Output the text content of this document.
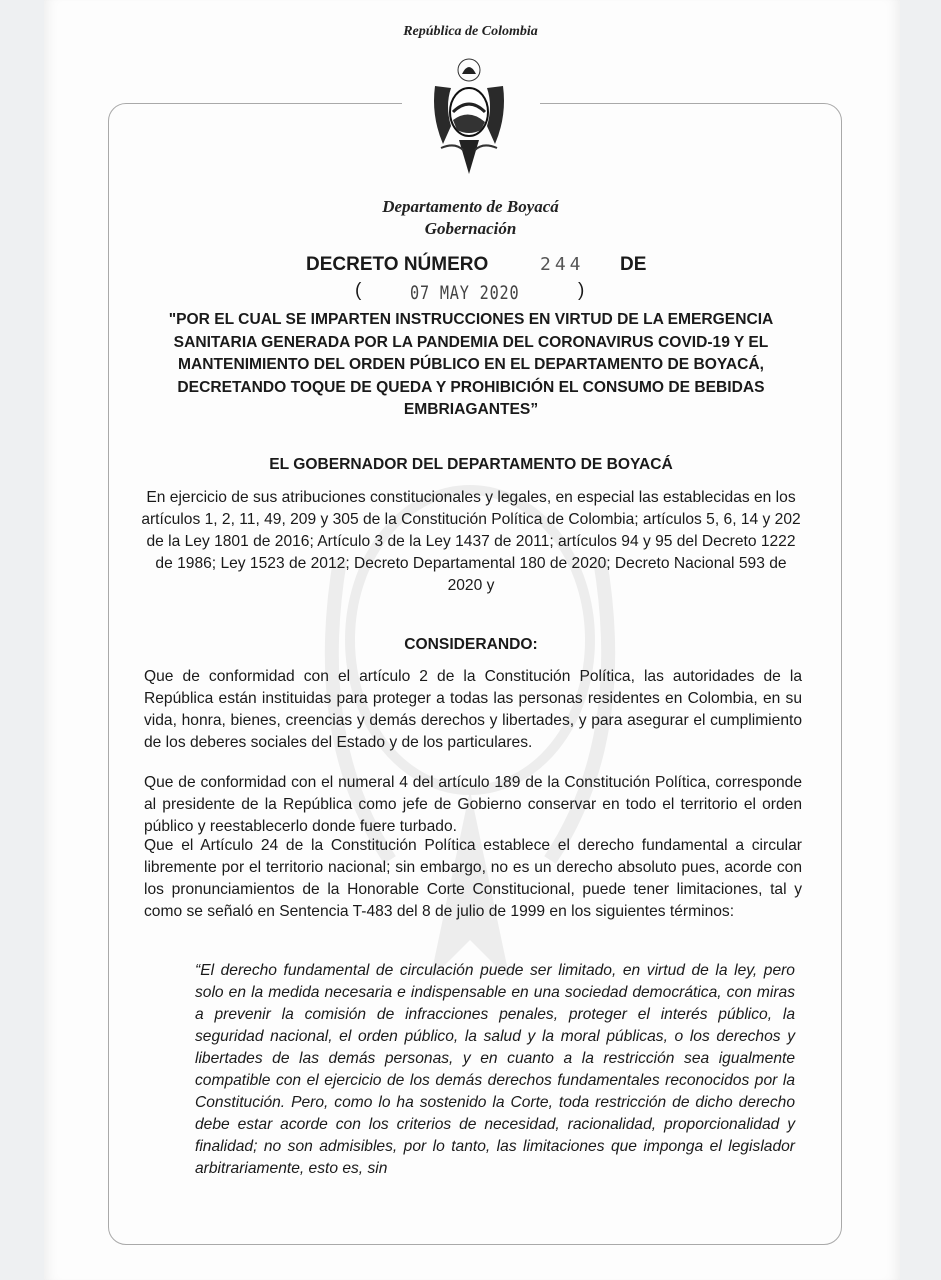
República de Colombia
Departamento de Boyacá
Gobernación
DECRETO NÚMERO	244 DE
(	07 MAY 2020	)
"POR EL CUAL SE IMPARTEN INSTRUCCIONES EN VIRTUD DE LA EMERGENCIA SANITARIA GENERADA POR LA PANDEMIA DEL CORONAVIRUS COVID-19 Y EL MANTENIMIENTO DEL ORDEN PÚBLICO EN EL DEPARTAMENTO DE BOYACÁ, DECRETANDO TOQUE DE QUEDA Y PROHIBICIÓN EL CONSUMO DE BEBIDAS EMBRIAGANTES”
EL GOBERNADOR DEL DEPARTAMENTO DE BOYACÁ
En ejercicio de sus atribuciones constitucionales y legales, en especial las establecidas en los artículos 1, 2, 11, 49, 209 y 305 de la Constitución Política de Colombia; artículos 5, 6, 14 y 202 de la Ley 1801 de 2016; Artículo 3 de la Ley 1437 de 2011; artículos 94 y 95 del Decreto 1222 de 1986; Ley 1523 de 2012; Decreto Departamental 180 de 2020; Decreto Nacional 593 de 2020 y
CONSIDERANDO:
Que de conformidad con el artículo 2 de la Constitución Política, las autoridades de la República están instituidas para proteger a todas las personas residentes en Colombia, en su vida, honra, bienes, creencias y demás derechos y libertades, y para asegurar el cumplimiento de los deberes sociales del Estado y de los particulares.
Que de conformidad con el numeral 4 del artículo 189 de la Constitución Política, corresponde al presidente de la República como jefe de Gobierno conservar en todo el territorio el orden público y reestablecerlo donde fuere turbado.
Que el Artículo 24 de la Constitución Política establece el derecho fundamental a circular libremente por el territorio nacional; sin embargo, no es un derecho absoluto pues, acorde con los pronunciamientos de la Honorable Corte Constitucional, puede tener limitaciones, tal y como se señaló en Sentencia T-483 del 8 de julio de 1999 en los siguientes términos:
“El derecho fundamental de circulación puede ser limitado, en virtud de la ley, pero solo en la medida necesaria e indispensable en una sociedad democrática, con miras a prevenir la comisión de infracciones penales, proteger el interés público, la seguridad nacional, el orden público, la salud y la moral públicas, o los derechos y libertades de las demás personas, y en cuanto a la restricción sea igualmente compatible con el ejercicio de los demás derechos fundamentales reconocidos por la Constitución. Pero, como lo ha sostenido la Corte, toda restricción de dicho derecho debe estar acorde con los criterios de necesidad, racionalidad, proporcionalidad y finalidad; no son admisibles, por lo tanto, las limitaciones que imponga el legislador arbitrariamente, esto es, sin
